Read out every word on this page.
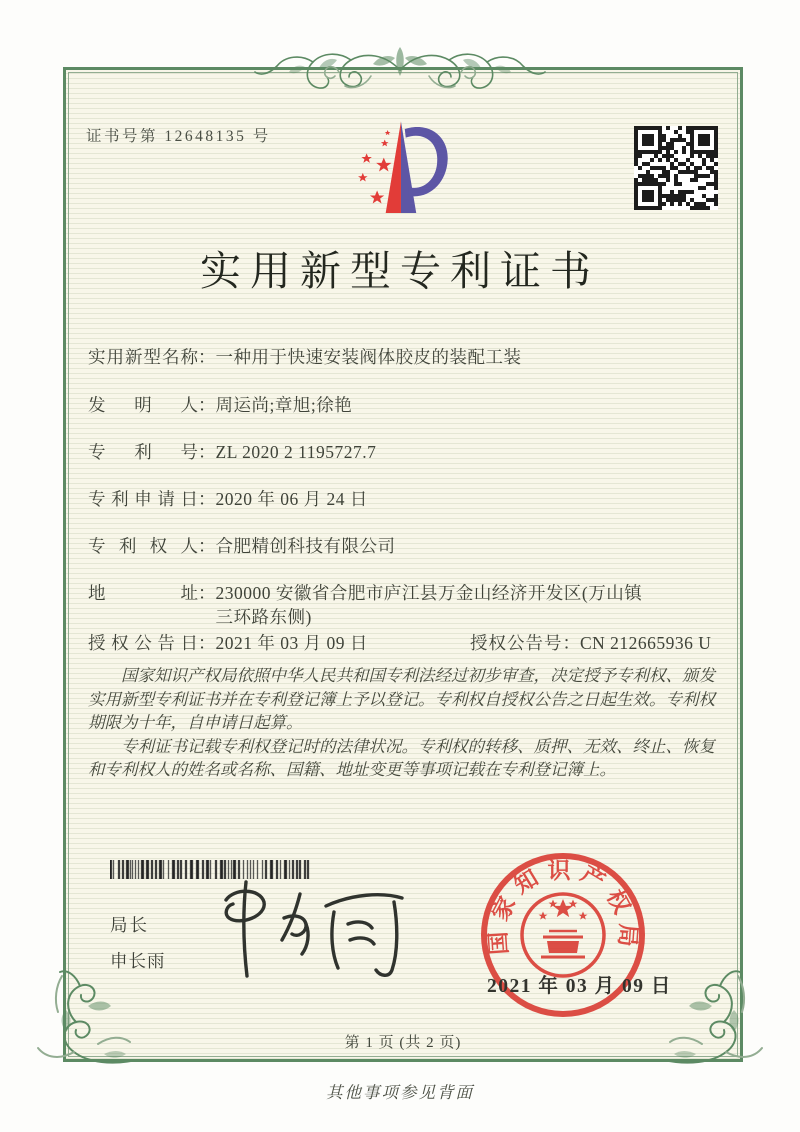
证书号第 12648135 号
实用新型专利证书
实用新型名称：一种用于快速安装阀体胶皮的装配工装
发明人：周运尚;章旭;徐艳
专利号：ZL 2020 2 1195727.7
专利申请日：2020 年 06 月 24 日
专利权人：合肥精创科技有限公司
地址：230000 安徽省合肥市庐江县万金山经济开发区(万山镇三环路东侧)
授权公告日：2021 年 03 月 09 日	授权公告号：CN 212665936 U

国家知识产权局依照中华人民共和国专利法经过初步审查，决定授予专利权、颁发实用新型专利证书并在专利登记簿上予以登记。专利权自授权公告之日起生效。专利权期限为十年，自申请日起算。

专利证书记载专利权登记时的法律状况。专利权的转移、质押、无效、终止、恢复和专利权人的姓名或名称、国籍、地址变更等事项记载在专利登记簿上。

局长
申长雨
国家知识产权局
2021 年 03 月 09 日
第 1 页 (共 2 页)
其他事项参见背面
